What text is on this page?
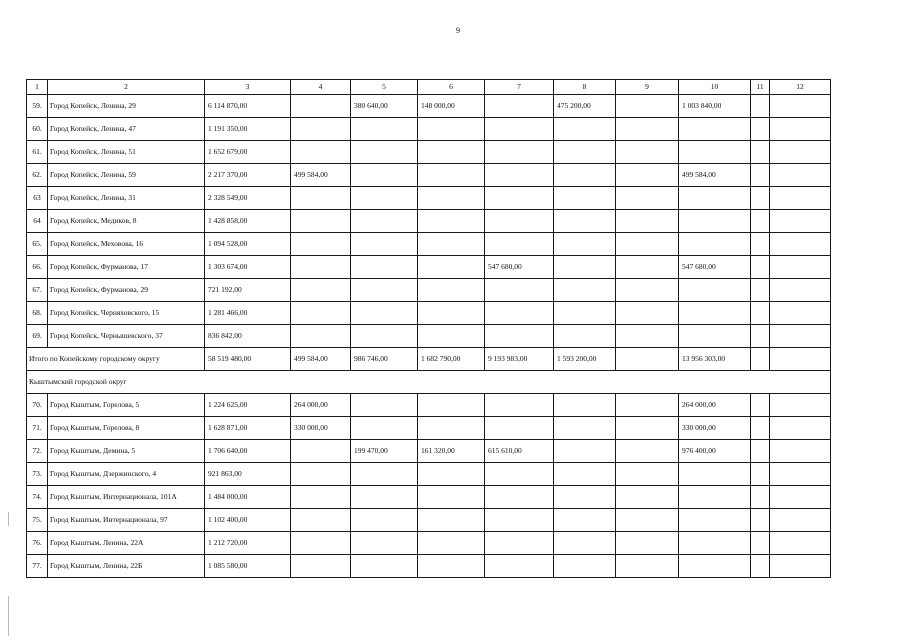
9
1	2	3	4	5	6	7	8	9	10	11	12
59.	Город Копейск, Ленина, 29	6 114 870,00		380 640,00	148 000,00		475 200,00		1 003 840,00		
60.	Город Копейск, Ленина, 47	1 191 350,00									
61.	Город Копейск, Ленина, 51	1 652 679,00									
62.	Город Копейск, Ленина, 59	2 217 370,00	499 584,00						499 584,00		
63	Город Копейск, Ленина, 31	2 328 549,00									
64	Город Копейск, Медиков, 8	1 428 858,00									
65.	Город Копейск, Меховова, 16	1 094 528,00									
66.	Город Копейск, Фурманова, 17	1 303 674,00				547 680,00			547 680,00		
67.	Город Копейск, Фурманова, 29	721 192,00									
68.	Город Копейск, Черняховского, 15	1 281 466,00									
69.	Город Копейск, Чернышевского, 37	836 842,00									
Итого по Копейскому городскому округу		58 519 480,00	499 584,00	986 746,00	1 682 790,00	9 193 983,00	1 593 200,00		13 956 303,00		
Кыштымский городской округ											
70.	Город Кыштым, Горелова, 5	1 224 625,00	264 000,00						264 000,00		
71.	Город Кыштым, Горелова, 8	1 628 871,00	330 000,00						330 000,00		
72.	Город Кыштым, Демина, 5	1 706 640,00		199 470,00	161 320,00	615 610,00			976 400,00		
73.	Город Кыштым, Дзержинского, 4	921 863,00									
74.	Город Кыштым, Интернационала, 101А	1 484 000,00									
75.	Город Кыштым, Интернационала, 97	1 102 400,00									
76.	Город Кыштым, Ленина, 22А	1 212 720,00									
77.	Город Кыштым, Ленина, 22Б	1 085 580,00									
